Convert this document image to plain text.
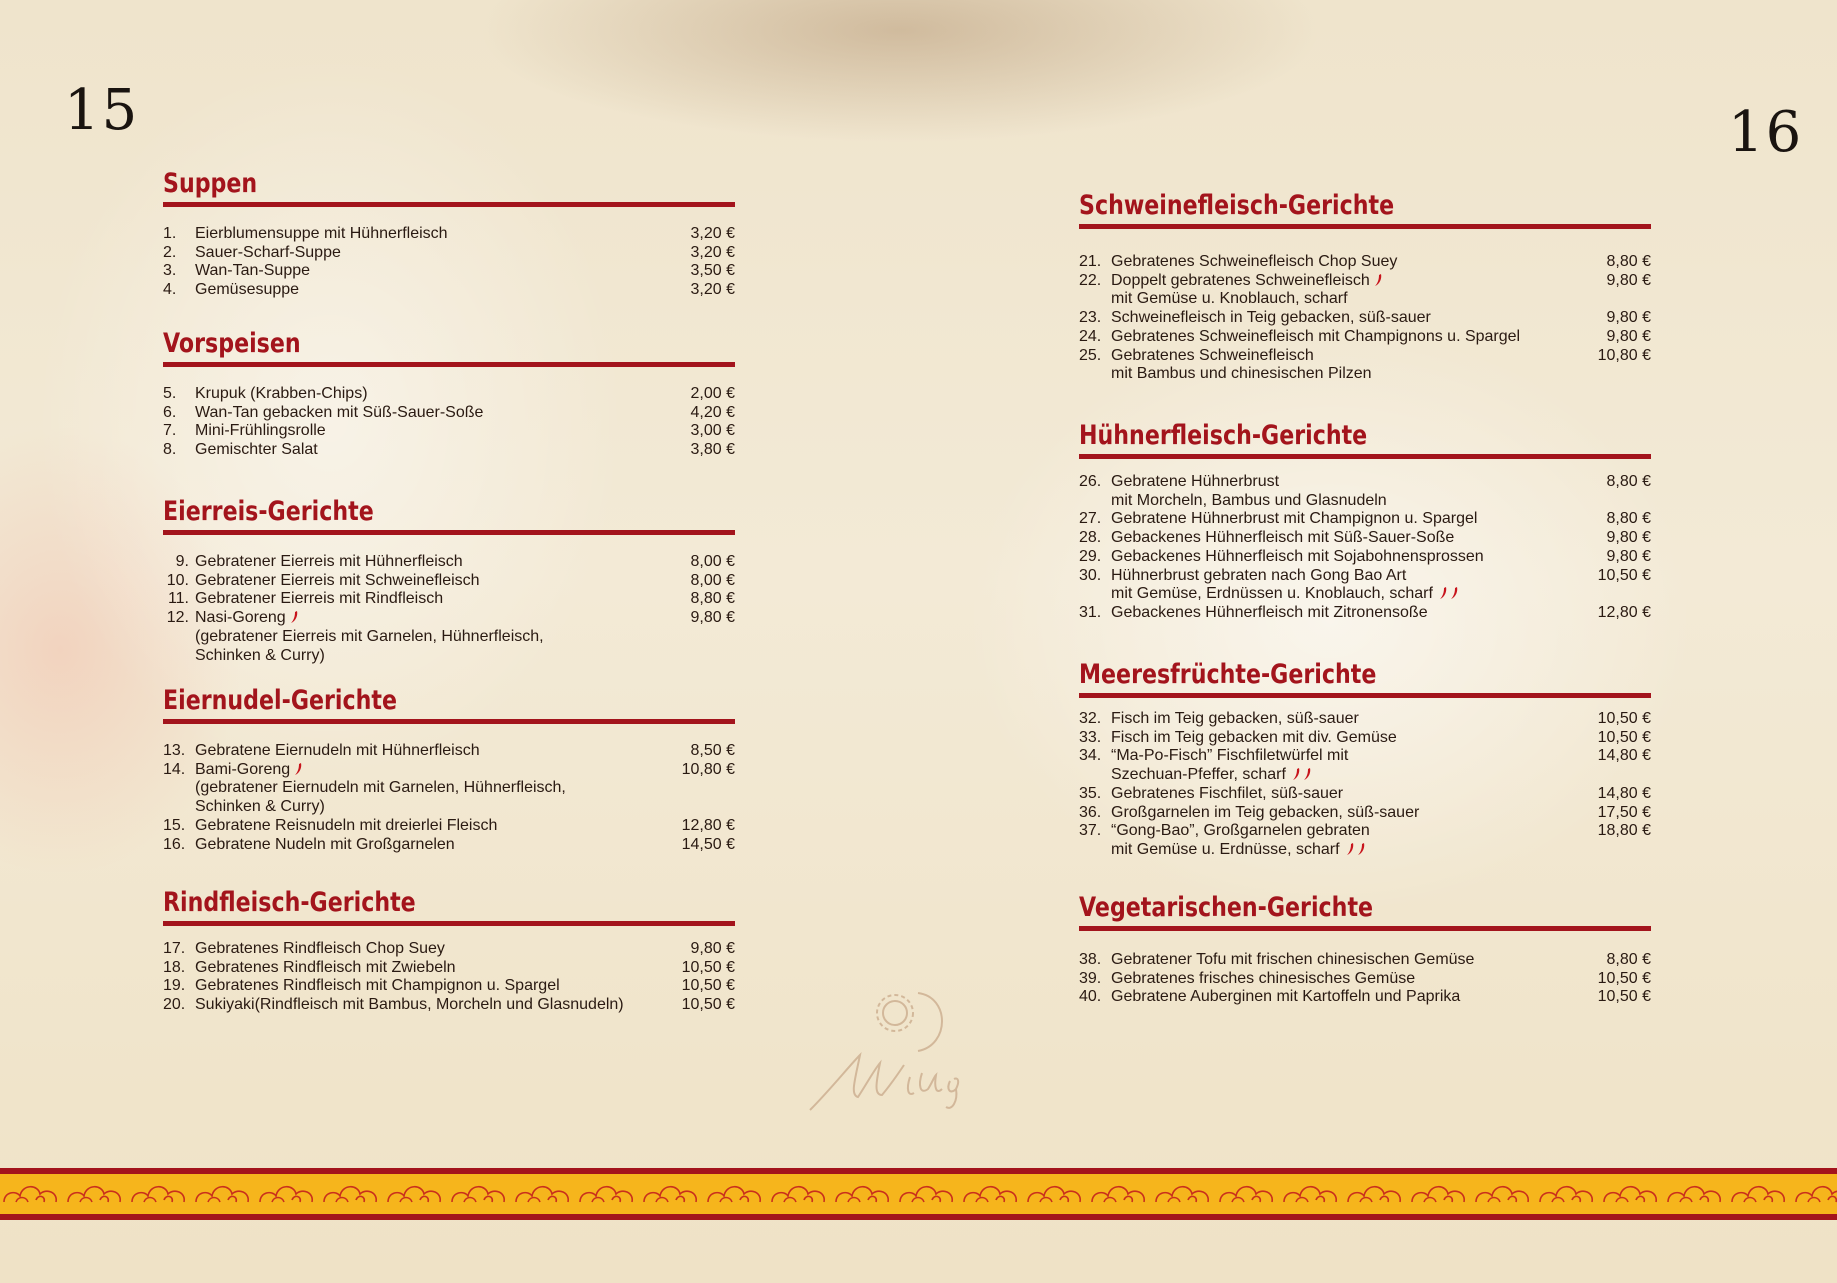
15	16
Suppen
1.	Eierblumensuppe mit Hühnerfleisch	3,20 €
2.	Sauer-Scharf-Suppe	3,20 €
3.	Wan-Tan-Suppe	3,50 €
4.	Gemüsesuppe	3,20 €
Vorspeisen
5.	Krupuk (Krabben-Chips)	2,00 €
6.	Wan-Tan gebacken mit Süß-Sauer-Soße	4,20 €
7.	Mini-Frühlingsrolle	3,00 €
8.	Gemischter Salat	3,80 €
Eierreis-Gerichte
9. Gebratener Eierreis mit Hühnerfleisch	8,00 €
10. Gebratener Eierreis mit Schweinefleisch	8,00 €
11. Gebratener Eierreis mit Rindfleisch	8,80 €
12. Nasi-Goreng	9,80 €
(gebratener Eierreis mit Garnelen, Hühnerfleisch,
Schinken & Curry)
Eiernudel-Gerichte
13. Gebratene Eiernudeln mit Hühnerfleisch	8,50 €
14. Bami-Goreng	10,80 €
(gebratener Eiernudeln mit Garnelen, Hühnerfleisch,
Schinken & Curry)
15. Gebratene Reisnudeln mit dreierlei Fleisch	12,80 €
16. Gebratene Nudeln mit Großgarnelen	14,50 €
Rindfleisch-Gerichte
17. Gebratenes Rindfleisch Chop Suey	9,80 €
18. Gebratenes Rindfleisch mit Zwiebeln	10,50 €
19. Gebratenes Rindfleisch mit Champignon u. Spargel	10,50 €
20. Sukiyaki(Rindfleisch mit Bambus, Morcheln und Glasnudeln)	10,50 €
Schweinefleisch-Gerichte
21. Gebratenes Schweinefleisch Chop Suey	8,80 €
22. Doppelt gebratenes Schweinefleisch	9,80 €
mit Gemüse u. Knoblauch, scharf
23. Schweinefleisch in Teig gebacken, süß-sauer	9,80 €
24. Gebratenes Schweinefleisch mit Champignons u. Spargel	9,80 €
25. Gebratenes Schweinefleisch	10,80 €
mit Bambus und chinesischen Pilzen
Hühnerfleisch-Gerichte
26. Gebratene Hühnerbrust	8,80 €
mit Morcheln, Bambus und Glasnudeln
27. Gebratene Hühnerbrust mit Champignon u. Spargel	8,80 €
28. Gebackenes Hühnerfleisch mit Süß-Sauer-Soße	9,80 €
29. Gebackenes Hühnerfleisch mit Sojabohnensprossen	9,80 €
30. Hühnerbrust gebraten nach Gong Bao Art	10,50 €
mit Gemüse, Erdnüssen u. Knoblauch, scharf
31. Gebackenes Hühnerfleisch mit Zitronensoße	12,80 €
Meeresfrüchte-Gerichte
32. Fisch im Teig gebacken, süß-sauer	10,50 €
33. Fisch im Teig gebacken mit div. Gemüse	10,50 €
34. “Ma-Po-Fisch” Fischfiletwürfel mit	14,80 €
Szechuan-Pfeffer, scharf
35. Gebratenes Fischfilet, süß-sauer	14,80 €
36. Großgarnelen im Teig gebacken, süß-sauer	17,50 €
37. “Gong-Bao”, Großgarnelen gebraten	18,80 €
mit Gemüse u. Erdnüsse, scharf
Vegetarischen-Gerichte
38. Gebratener Tofu mit frischen chinesischen Gemüse	8,80 €
39. Gebratenes frisches chinesisches Gemüse	10,50 €
40. Gebratene Auberginen mit Kartoffeln und Paprika	10,50 €
